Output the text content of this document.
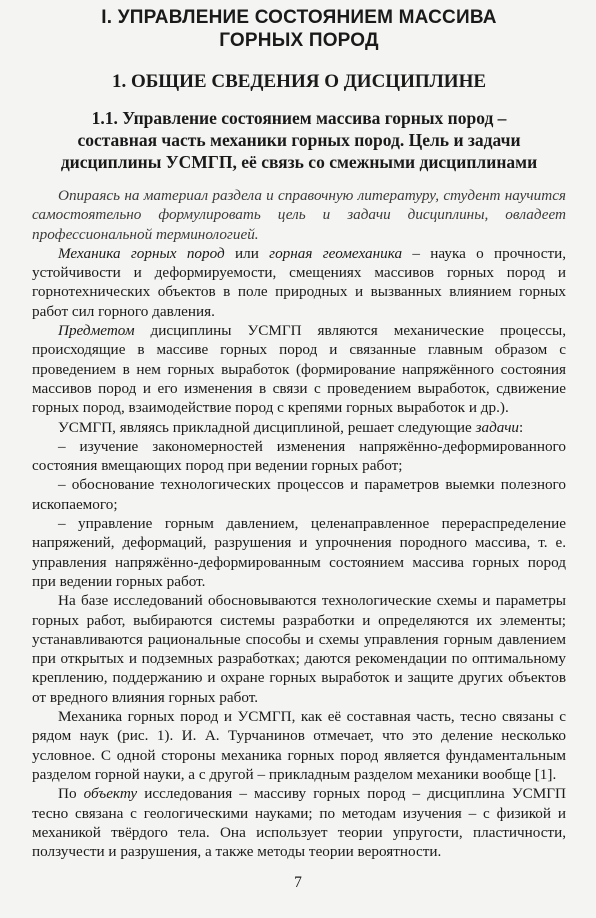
I. УПРАВЛЕНИЕ СОСТОЯНИЕМ МАССИВА
ГОРНЫХ ПОРОД
1. ОБЩИЕ СВЕДЕНИЯ О ДИСЦИПЛИНЕ
1.1. Управление состоянием массива горных пород –
составная часть механики горных пород. Цель и задачи
дисциплины УСМГП, её связь со смежными дисциплинами

Опираясь на материал раздела и справочную литературу, студент научится самостоятельно формулировать цель и задачи дисциплины, овладеет профессиональной терминологией.

Механика горных пород или горная геомеханика – наука о прочности, устойчивости и деформируемости, смещениях массивов горных пород и горнотехнических объектов в поле природных и вызванных влиянием горных работ сил горного давления.

Предметом дисциплины УСМГП являются механические процессы, происходящие в массиве горных пород и связанные главным образом с проведением в нем горных выработок (формирование напряжённого состояния массивов пород и его изменения в связи с проведением выработок, сдвижение горных пород, взаимодействие пород с крепями горных выработок и др.).

УСМГП, являясь прикладной дисциплиной, решает следующие задачи:

– изучение закономерностей изменения напряжённо-деформированного состояния вмещающих пород при ведении горных работ;

– обоснование технологических процессов и параметров выемки полезного ископаемого;

– управление горным давлением, целенаправленное перераспределение напряжений, деформаций, разрушения и упрочнения породного массива, т. е. управления напряжённо-деформированным состоянием массива горных пород при ведении горных работ.

На базе исследований обосновываются технологические схемы и параметры горных работ, выбираются системы разработки и определяются их элементы; устанавливаются рациональные способы и схемы управления горным давлением при открытых и подземных разработках; даются рекомендации по оптимальному креплению, поддержанию и охране горных выработок и защите других объектов от вредного влияния горных работ.

Механика горных пород и УСМГП, как её составная часть, тесно связаны с рядом наук (рис. 1). И. А. Турчанинов отмечает, что это деление несколько условное. С одной стороны механика горных пород является фундаментальным разделом горной науки, а с другой – прикладным разделом механики вообще [1].

По объекту исследования – массиву горных пород – дисциплина УСМГП тесно связана с геологическими науками; по методам изучения – с физикой и механикой твёрдого тела. Она использует теории упругости, пластичности, ползучести и разрушения, а также методы теории вероятности.

7
